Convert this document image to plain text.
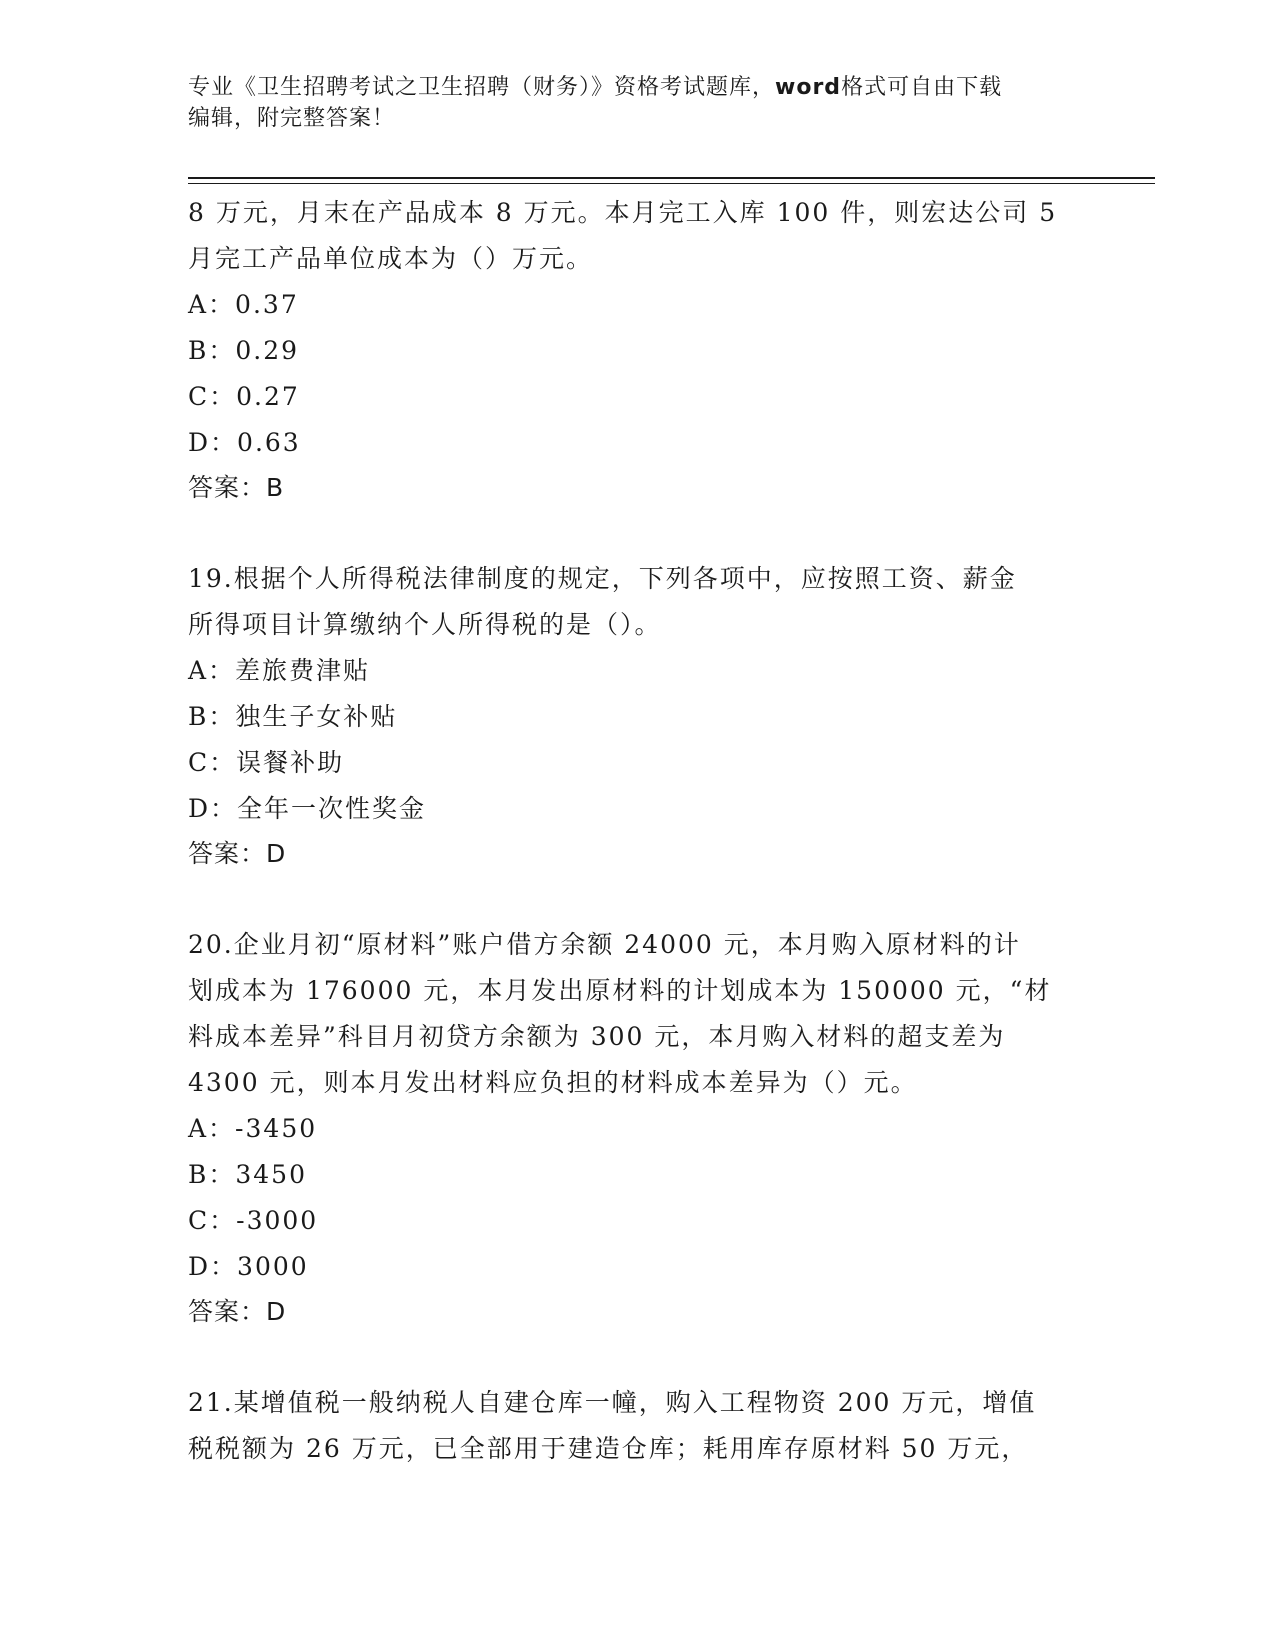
专业《卫生招聘考试之卫生招聘（财务）》资格考试题库，word格式可自由下载
编辑，附完整答案！
8 万元，月末在产品成本 8 万元。本月完工入库 100 件，则宏达公司 5
月完工产品单位成本为（）万元。
A：0.37
B：0.29
C：0.27
D：0.63
答案：B
19.根据个人所得税法律制度的规定，下列各项中，应按照工资、薪金
所得项目计算缴纳个人所得税的是（）。
A：差旅费津贴
B：独生子女补贴
C：误餐补助
D：全年一次性奖金
答案：D
20.企业月初“原材料”账户借方余额 24000 元，本月购入原材料的计
划成本为 176000 元，本月发出原材料的计划成本为 150000 元，“材
料成本差异”科目月初贷方余额为 300 元，本月购入材料的超支差为
4300 元，则本月发出材料应负担的材料成本差异为（）元。
A：-3450
B：3450
C：-3000
D：3000
答案：D
21.某增值税一般纳税人自建仓库一幢，购入工程物资 200 万元，增值
税税额为 26 万元，已全部用于建造仓库；耗用库存原材料 50 万元，
